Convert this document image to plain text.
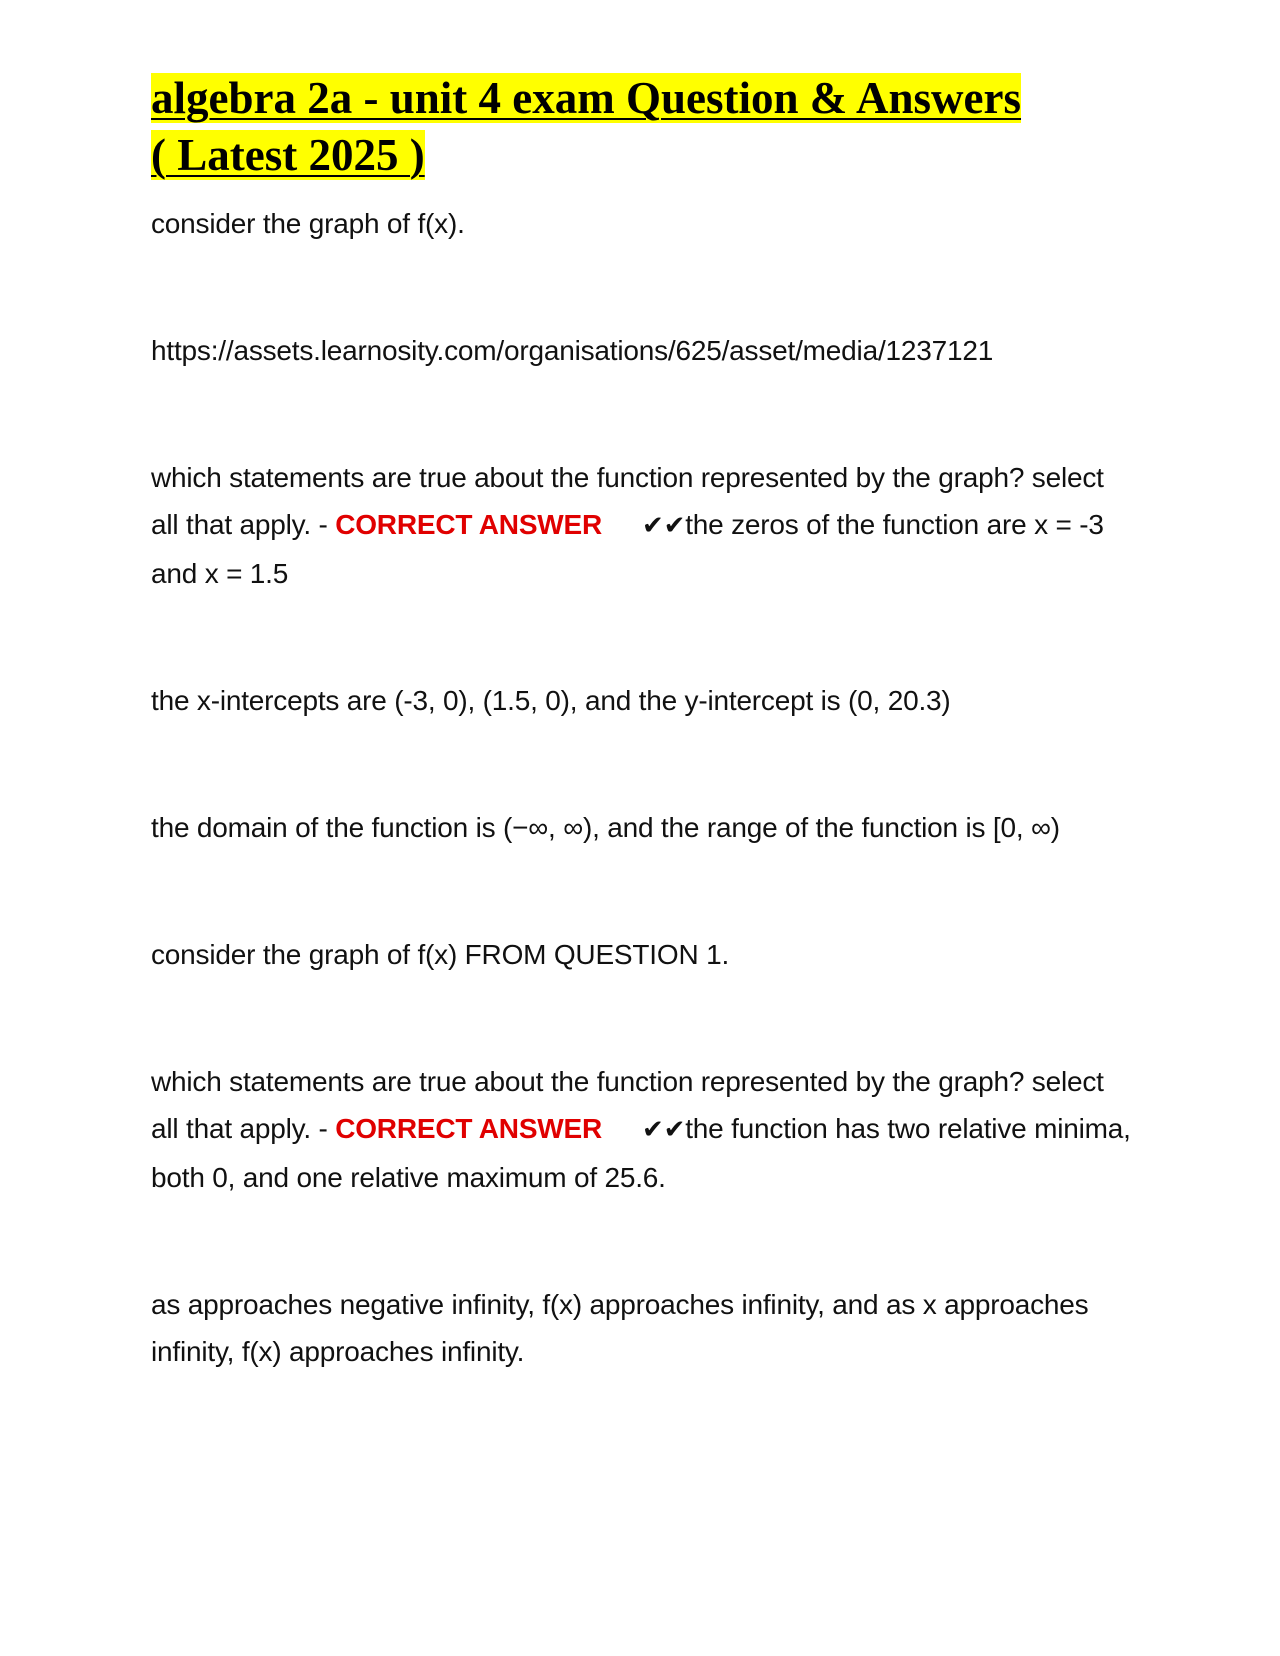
algebra 2a - unit 4 exam Question & Answers
( Latest 2025 )

consider the graph of f(x).

https://assets.learnosity.com/organisations/625/asset/media/1237121

which statements are true about the function represented by the graph? select all that apply. - CORRECT ANSWER ✔✔the zeros of the function are x = -3 and x = 1.5

the x-intercepts are (-3, 0), (1.5, 0), and the y-intercept is (0, 20.3)

the domain of the function is (−∞, ∞), and the range of the function is [0, ∞)

consider the graph of f(x) FROM QUESTION 1.

which statements are true about the function represented by the graph? select all that apply. - CORRECT ANSWER ✔✔the function has two relative minima, both 0, and one relative maximum of 25.6.

as approaches negative infinity, f(x) approaches infinity, and as x approaches infinity, f(x) approaches infinity.
